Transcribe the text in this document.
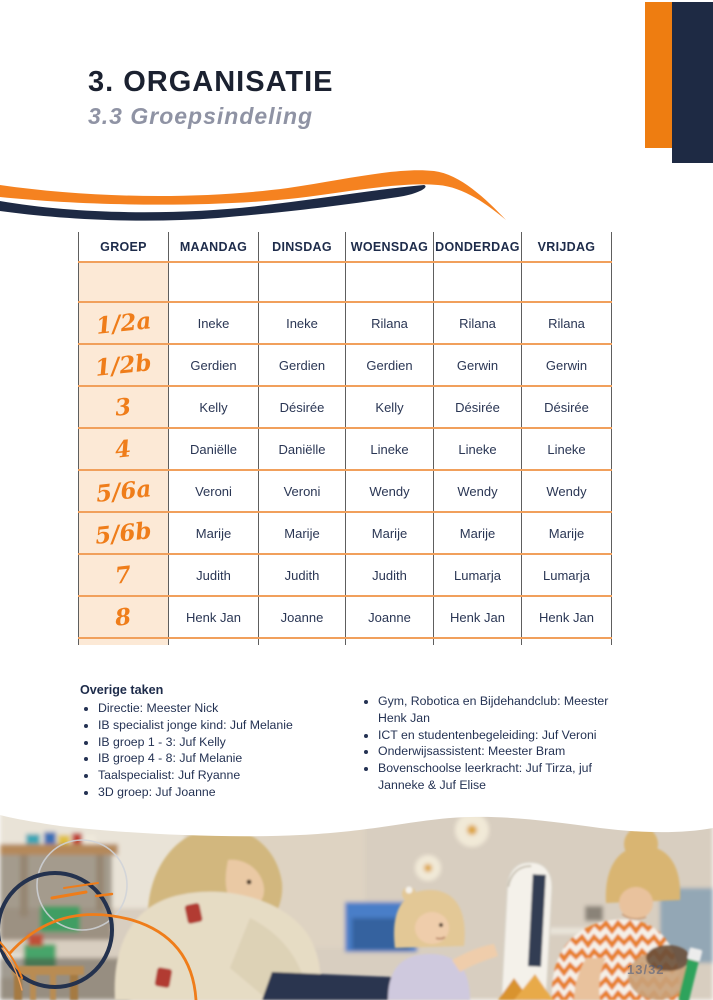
3. ORGANISATIE
3.3 Groepsindeling
GROEP	MAANDAG	DINSDAG	WOENSDAG	DONDERDAG	VRIJDAG

1/2a	Ineke	Ineke	Rilana	Rilana	Rilana
1/2b	Gerdien	Gerdien	Gerdien	Gerwin	Gerwin
3	Kelly	Désirée	Kelly	Désirée	Désirée
4	Daniëlle	Daniëlle	Lineke	Lineke	Lineke
5/6a	Veroni	Veroni	Wendy	Wendy	Wendy
5/6b	Marije	Marije	Marije	Marije	Marije
7	Judith	Judith	Judith	Lumarja	Lumarja
8	Henk Jan	Joanne	Joanne	Henk Jan	Henk Jan

Overige taken

• Directie: Meester Nick
• IB specialist jonge kind: Juf Melanie
• IB groep 1 - 3: Juf Kelly
• IB groep 4 - 8: Juf Melanie
• Taalspecialist: Juf Ryanne
• 3D groep: Juf Joanne
• Gym, Robotica en Bijdehandclub: Meester Henk Jan
• ICT en studentenbegeleiding: Juf Veroni
• Onderwijsassistent: Meester Bram
• Bovenschoolse leerkracht: Juf Tirza, juf Janneke & Juf Elise
13/32
